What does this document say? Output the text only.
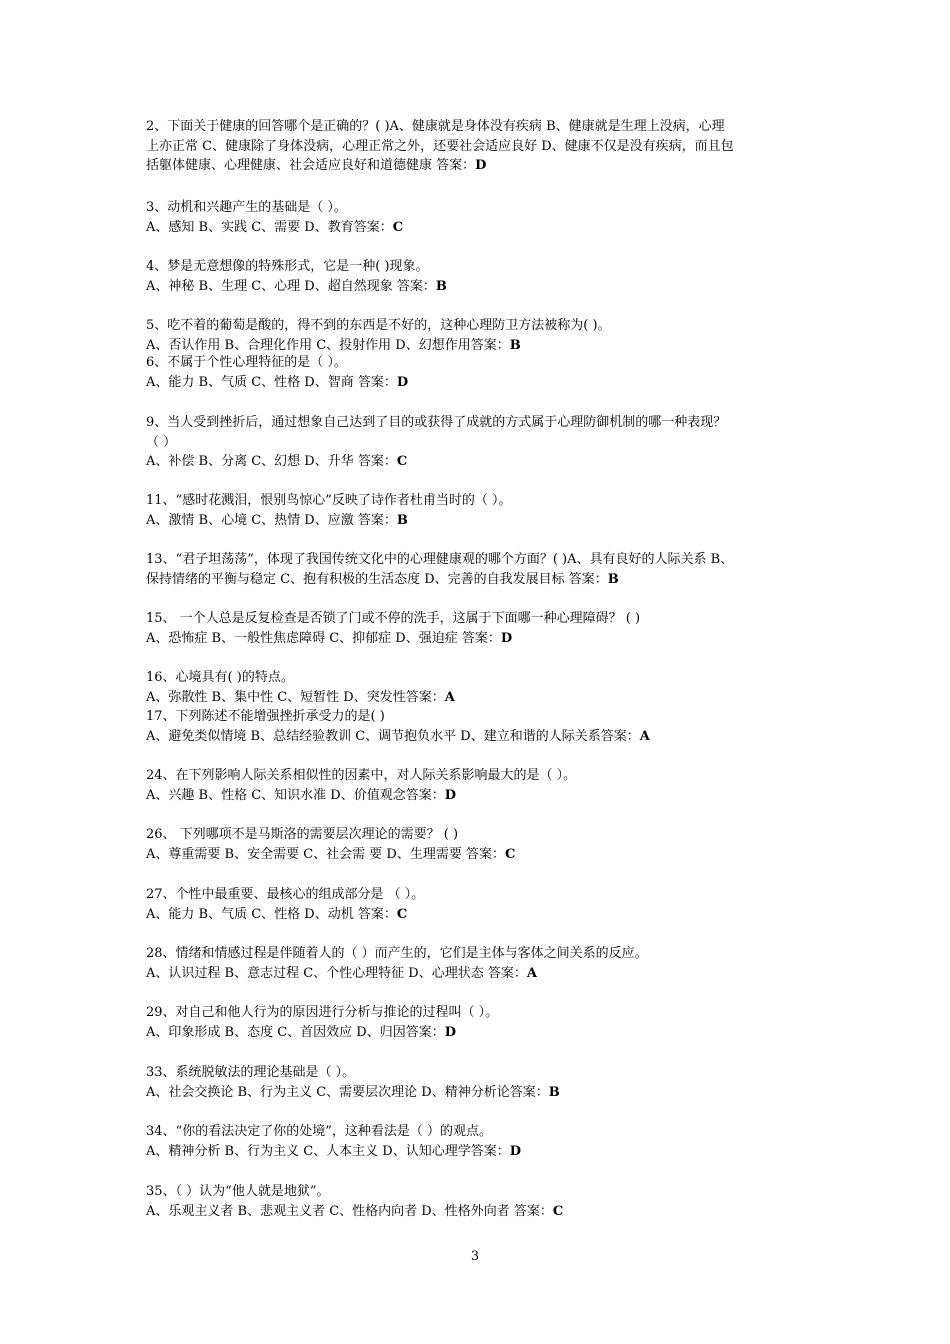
2、下面关于健康的回答哪个是正确的？( )A、健康就是身体没有疾病 B、健康就是生理上没病，心理
上亦正常 C、健康除了身体没病，心理正常之外，还要社会适应良好 D、健康不仅是没有疾病，而且包
括躯体健康、心理健康、社会适应良好和道德健康 答案：D
3、动机和兴趣产生的基础是（ ）。
A、感知 B、实践 C、需要 D、教育答案：C
4、梦是无意想像的特殊形式，它是一种( )现象。
A、神秘 B、生理 C、心理 D、超自然现象 答案：B
5、吃不着的葡萄是酸的，得不到的东西是不好的，这种心理防卫方法被称为( )。
A、否认作用 B、合理化作用 C、投射作用 D、幻想作用答案：B
6、不属于个性心理特征的是（ ）。
A、能力 B、气质 C、性格 D、智商 答案：D
9、当人受到挫折后，通过想象自己达到了目的或获得了成就的方式属于心理防御机制的哪一种表现？
（ ）
A、补偿 B、分离 C、幻想 D、升华 答案：C
11、“感时花溅泪，恨别鸟惊心”反映了诗作者杜甫当时的（ ）。
A、激情 B、心境 C、热情 D、应激 答案：B
13、“君子坦荡荡”，体现了我国传统文化中的心理健康观的哪个方面？( )A、具有良好的人际关系 B、
保持情绪的平衡与稳定 C、抱有积极的生活态度 D、完善的自我发展目标 答案：B
15、 一个人总是反复检查是否锁了门或不停的洗手，这属于下面哪一种心理障碍？ ( )
A、恐怖症 B、一般性焦虑障碍 C、抑郁症 D、强迫症 答案：D
16、心境具有( )的特点。
A、弥散性 B、集中性 C、短暂性 D、突发性答案：A
17、下列陈述不能增强挫折承受力的是( )
A、避免类似情境 B、总结经验教训 C、调节抱负水平 D、建立和谐的人际关系答案：A
24、在下列影响人际关系相似性的因素中，对人际关系影响最大的是（ ）。
A、兴趣 B、性格 C、知识水准 D、价值观念答案：D
26、 下列哪项不是马斯洛的需要层次理论的需要？ ( )
A、尊重需要 B、安全需要 C、社会需 要 D、生理需要 答案：C
27、个性中最重要、最核心的组成部分是 （ ）。
A、能力 B、气质 C、性格 D、动机 答案：C
28、情绪和情感过程是伴随着人的（ ）而产生的，它们是主体与客体之间关系的反应。
A、认识过程 B、意志过程 C、个性心理特征 D、心理状态 答案：A
29、对自己和他人行为的原因进行分析与推论的过程叫（ ）。
A、印象形成 B、态度 C、首因效应 D、归因答案：D
33、系统脱敏法的理论基础是（ ）。
A、社会交换论 B、行为主义 C、需要层次理论 D、精神分析论答案：B
34、“你的看法决定了你的处境”，这种看法是（ ）的观点。
A、精神分析 B、行为主义 C、人本主义 D、认知心理学答案：D
35、（ ）认为“他人就是地狱”。
A、乐观主义者 B、悲观主义者 C、性格内向者 D、性格外向者 答案：C
3
